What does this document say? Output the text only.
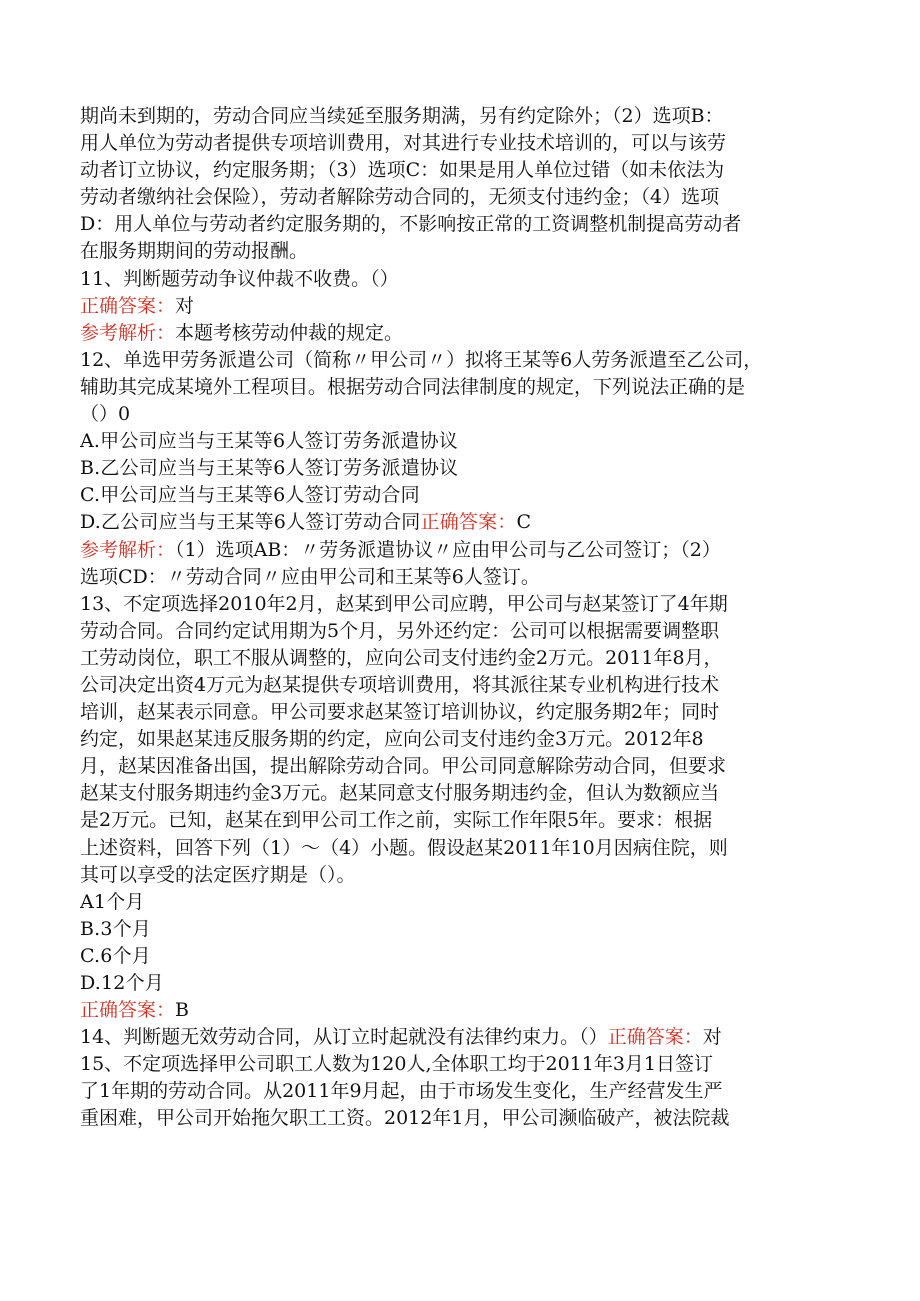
期尚未到期的，劳动合同应当续延至服务期满，另有约定除外；（2）选项B：
用人单位为劳动者提供专项培训费用，对其进行专业技术培训的，可以与该劳
动者订立协议，约定服务期；（3）选项C：如果是用人单位过错（如未依法为
劳动者缴纳社会保险），劳动者解除劳动合同的，无须支付违约金；（4）选项
D：用人单位与劳动者约定服务期的，不影响按正常的工资调整机制提高劳动者
在服务期期间的劳动报酬。
11、判断题劳动争议仲裁不收费。（）
正确答案：对
参考解析：本题考核劳动仲裁的规定。
12、单选甲劳务派遣公司（简称〃甲公司〃）拟将王某等6人劳务派遣至乙公司，
辅助其完成某境外工程项目。根据劳动合同法律制度的规定，下列说法正确的是
（）0
A.甲公司应当与王某等6人签订劳务派遣协议
B.乙公司应当与王某等6人签订劳务派遣协议
C.甲公司应当与王某等6人签订劳动合同
D.乙公司应当与王某等6人签订劳动合同正确答案：C
参考解析：（1）选项AB：〃劳务派遣协议〃应由甲公司与乙公司签订；（2）
选项CD：〃劳动合同〃应由甲公司和王某等6人签订。
13、不定项选择2010年2月，赵某到甲公司应聘，甲公司与赵某签订了4年期
劳动合同。合同约定试用期为5个月，另外还约定：公司可以根据需要调整职
工劳动岗位，职工不服从调整的，应向公司支付违约金2万元。2011年8月，
公司决定出资4万元为赵某提供专项培训费用，将其派往某专业机构进行技术
培训，赵某表示同意。甲公司要求赵某签订培训协议，约定服务期2年；同时
约定，如果赵某违反服务期的约定，应向公司支付违约金3万元。2012年8
月，赵某因准备出国，提出解除劳动合同。甲公司同意解除劳动合同，但要求
赵某支付服务期违约金3万元。赵某同意支付服务期违约金，但认为数额应当
是2万元。已知，赵某在到甲公司工作之前，实际工作年限5年。要求：根据
上述资料，回答下列（1）～（4）小题。假设赵某2011年10月因病住院，则
其可以享受的法定医疗期是（）。
A1个月
B.3个月
C.6个月
D.12个月
正确答案：B
14、判断题无效劳动合同，从订立时起就没有法律约束力。（）正确答案：对
15、不定项选择甲公司职工人数为120人,全体职工均于2011年3月1日签订
了1年期的劳动合同。从2011年9月起，由于市场发生变化，生产经营发生严
重困难，甲公司开始拖欠职工工资。2012年1月，甲公司濒临破产，被法院裁
